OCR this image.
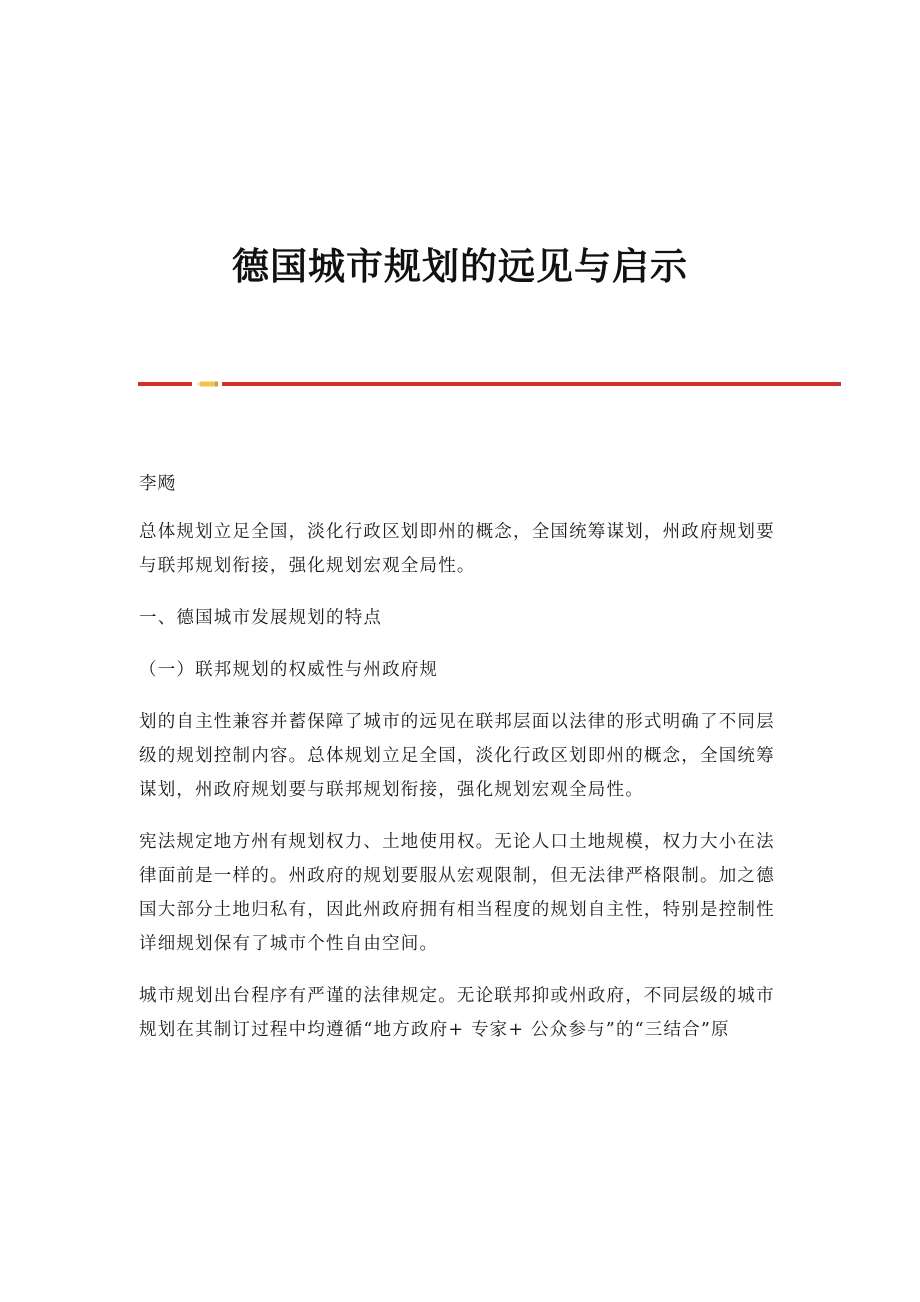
德国城市规划的远见与启示

李飏

总体规划立足全国，淡化行政区划即州的概念，全国统筹谋划，州政府规划要与联邦规划衔接，强化规划宏观全局性。

一、德国城市发展规划的特点

（一）联邦规划的权威性与州政府规

划的自主性兼容并蓄保障了城市的远见在联邦层面以法律的形式明确了不同层级的规划控制内容。总体规划立足全国，淡化行政区划即州的概念，全国统筹谋划，州政府规划要与联邦规划衔接，强化规划宏观全局性。

宪法规定地方州有规划权力、土地使用权。无论人口土地规模，权力大小在法律面前是一样的。州政府的规划要服从宏观限制，但无法律严格限制。加之德国大部分土地归私有，因此州政府拥有相当程度的规划自主性，特别是控制性详细规划保有了城市个性自由空间。

城市规划出台程序有严谨的法律规定。无论联邦抑或州政府，不同层级的城市规划在其制订过程中均遵循“地方政府+ 专家+ 公众参与”的“三结合”原
